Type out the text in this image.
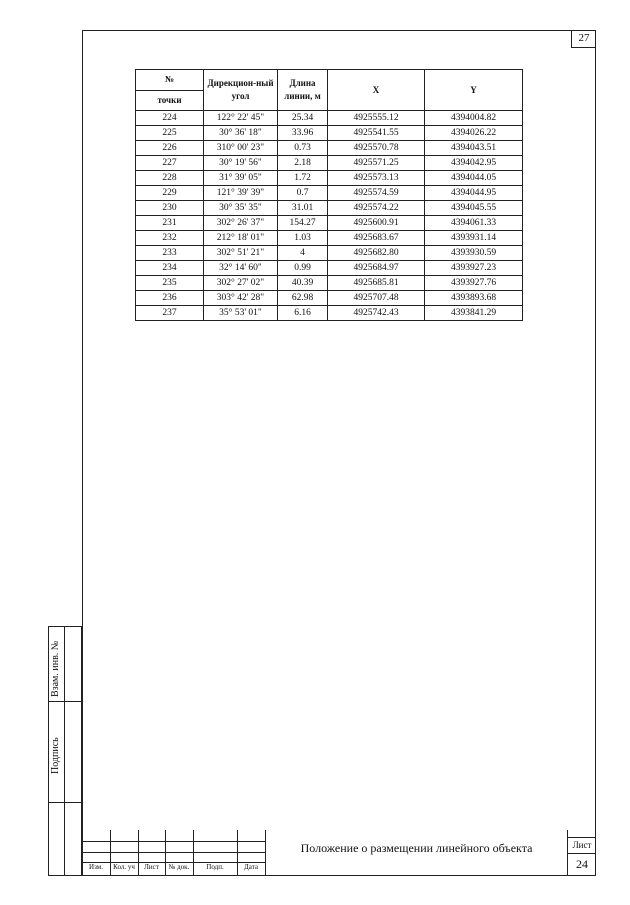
27
№	Дирекцион-ный угол	Длина линии, м	X	Y
точки				
224	122° 22' 45"	25.34	4925555.12	4394004.82
225	30° 36' 18"	33.96	4925541.55	4394026.22
226	310° 00' 23"	0.73	4925570.78	4394043.51
227	30° 19' 56"	2.18	4925571.25	4394042.95
228	31° 39' 05"	1.72	4925573.13	4394044.05
229	121° 39' 39"	0.7	4925574.59	4394044.95
230	30° 35' 35"	31.01	4925574.22	4394045.55
231	302° 26' 37"	154.27	4925600.91	4394061.33
232	212° 18' 01"	1.03	4925683.67	4393931.14
233	302° 51' 21"	4	4925682.80	4393930.59
234	32° 14' 60"	0.99	4925684.97	4393927.23
235	302° 27' 02"	40.39	4925685.81	4393927.76
236	303° 42' 28"	62.98	4925707.48	4393893.68
237	35° 53' 01"	6.16	4925742.43	4393841.29
Взам. инв. №
Подпись
Изм.	Кол. уч	Лист	№ док.	Подп.	Дата
Положение о размещении линейного объекта	Лист
24
